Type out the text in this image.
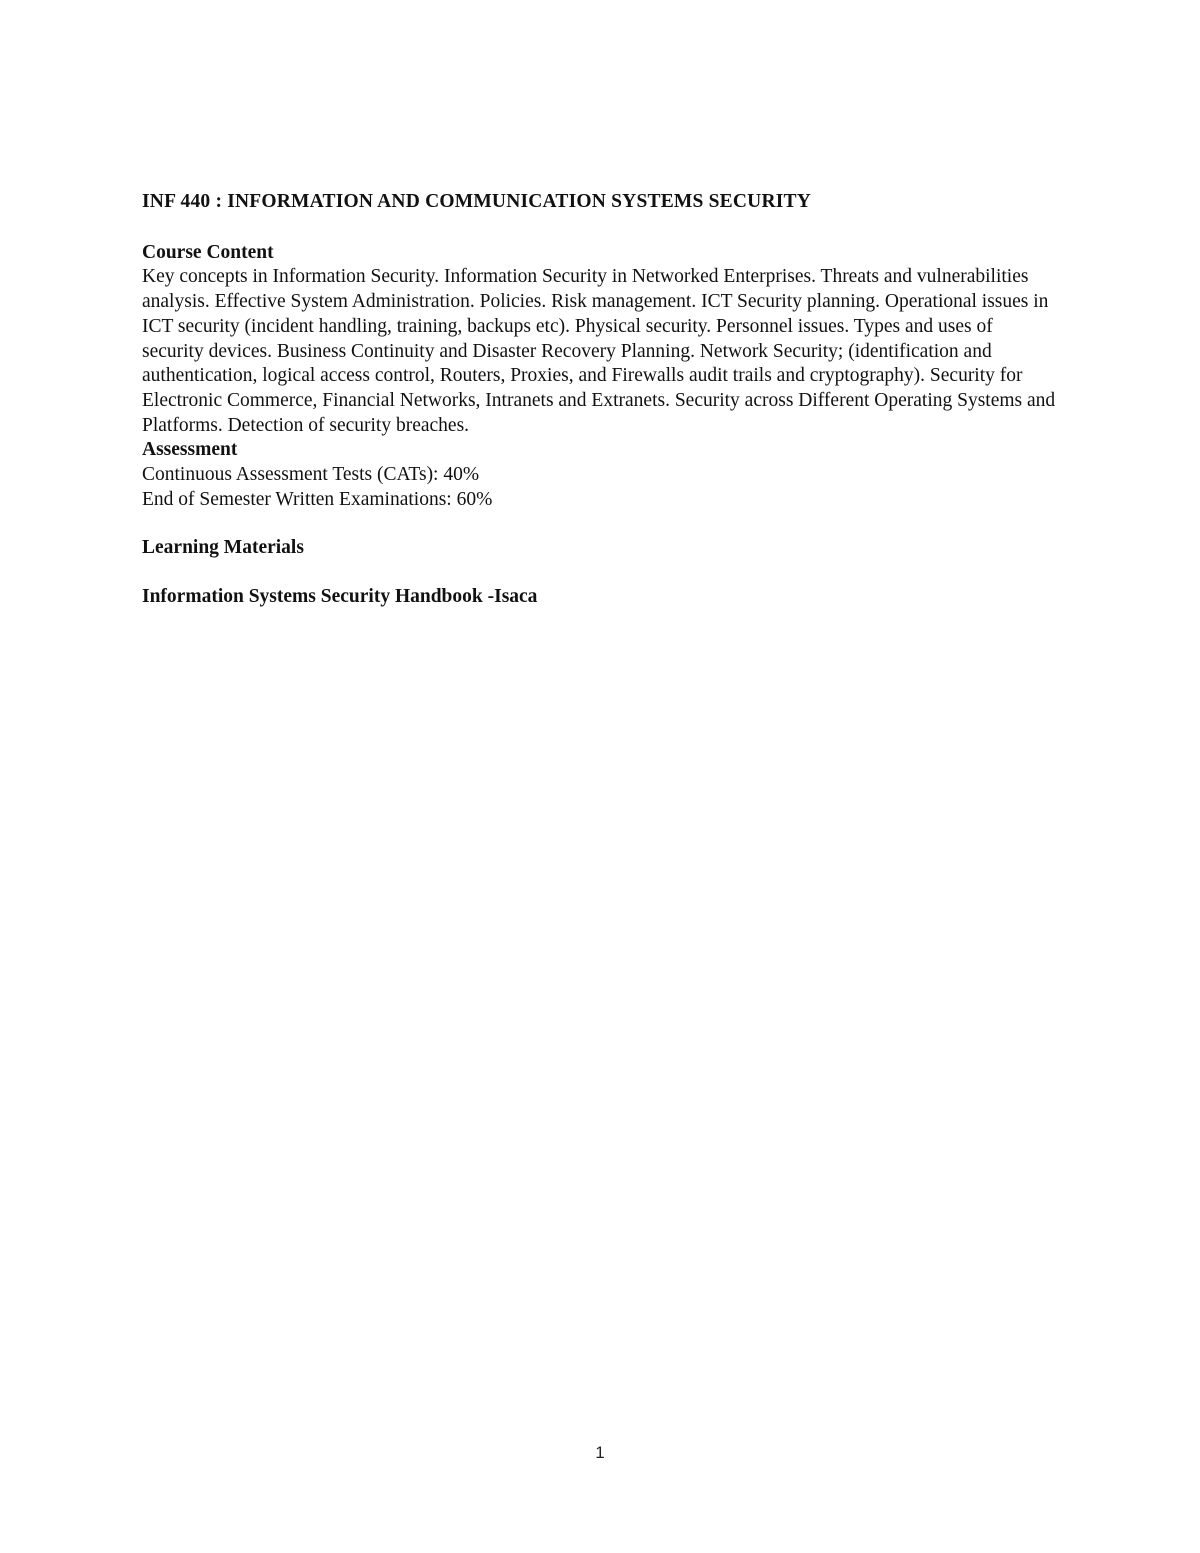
INF 440 : INFORMATION AND COMMUNICATION SYSTEMS SECURITY

Course Content

Key concepts in Information Security. Information Security in Networked Enterprises. Threats and vulnerabilities analysis. Effective System Administration. Policies. Risk management. ICT Security planning. Operational issues in ICT security (incident handling, training, backups etc). Physical security. Personnel issues. Types and uses of security devices. Business Continuity and Disaster Recovery Planning. Network Security; (identification and authentication, logical access control, Routers, Proxies, and Firewalls audit trails and cryptography). Security for Electronic Commerce, Financial Networks, Intranets and Extranets. Security across Different Operating Systems and Platforms. Detection of security breaches.

Assessment

Continuous Assessment Tests (CATs): 40%

End of Semester Written Examinations: 60%

Learning Materials

Information Systems Security Handbook -Isaca

1
